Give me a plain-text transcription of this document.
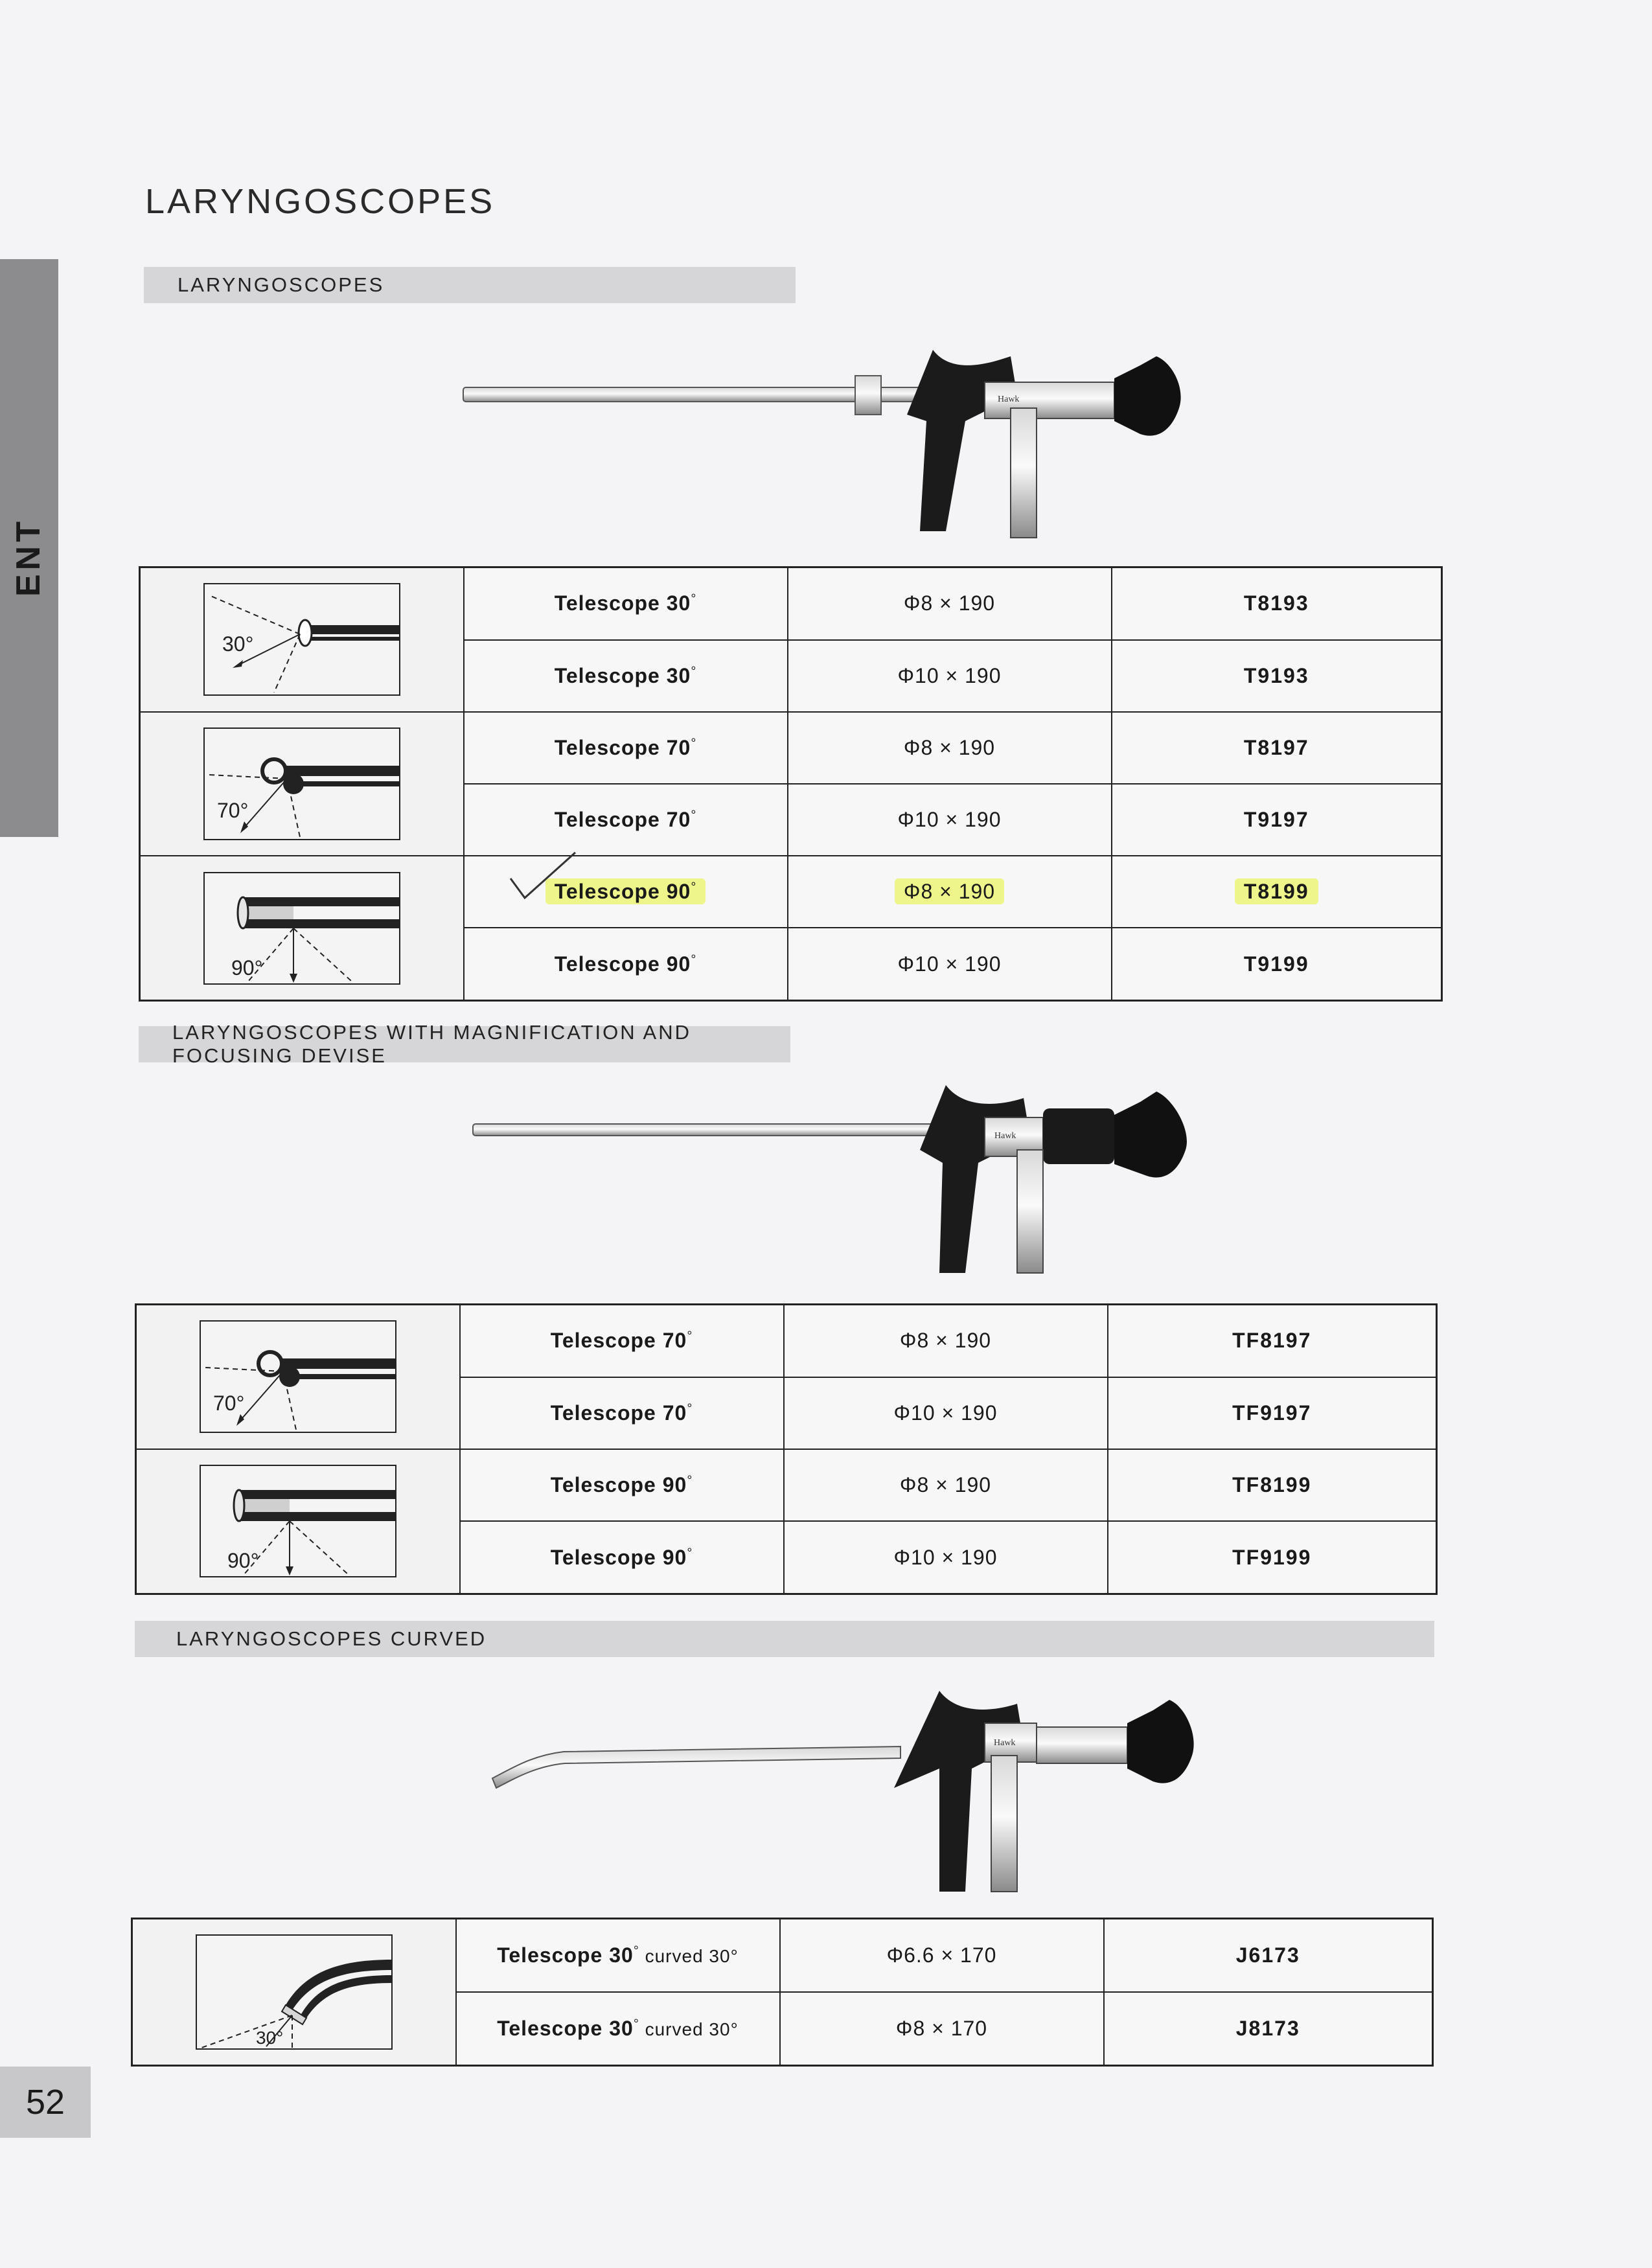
ENT
LARYNGOSCOPES
LARYNGOSCOPES
Hawk
30°	Telescope 30°	Φ8 × 190	T8193
	Telescope 30°	Φ10 × 190	T9193

70°	Telescope 70°	Φ8 × 190	T8197
	Telescope 70°	Φ10 × 190	T9197

90°	Telescope 90°	Φ8 × 190	T8199
	Telescope 90°	Φ10 × 190	T9199
LARYNGOSCOPES WITH MAGNIFICATION AND FOCUSING DEVISE
Hawk
70°	Telescope 70°	Φ8 × 190	TF8197
	Telescope 70°	Φ10 × 190	TF9197

90°	Telescope 90°	Φ8 × 190	TF8199
	Telescope 90°	Φ10 × 190	TF9199
LARYNGOSCOPES CURVED
Hawk
30°	Telescope 30° curved 30°	Φ6.6 × 170	J6173
	Telescope 30° curved 30°	Φ8 × 170	J8173
52
